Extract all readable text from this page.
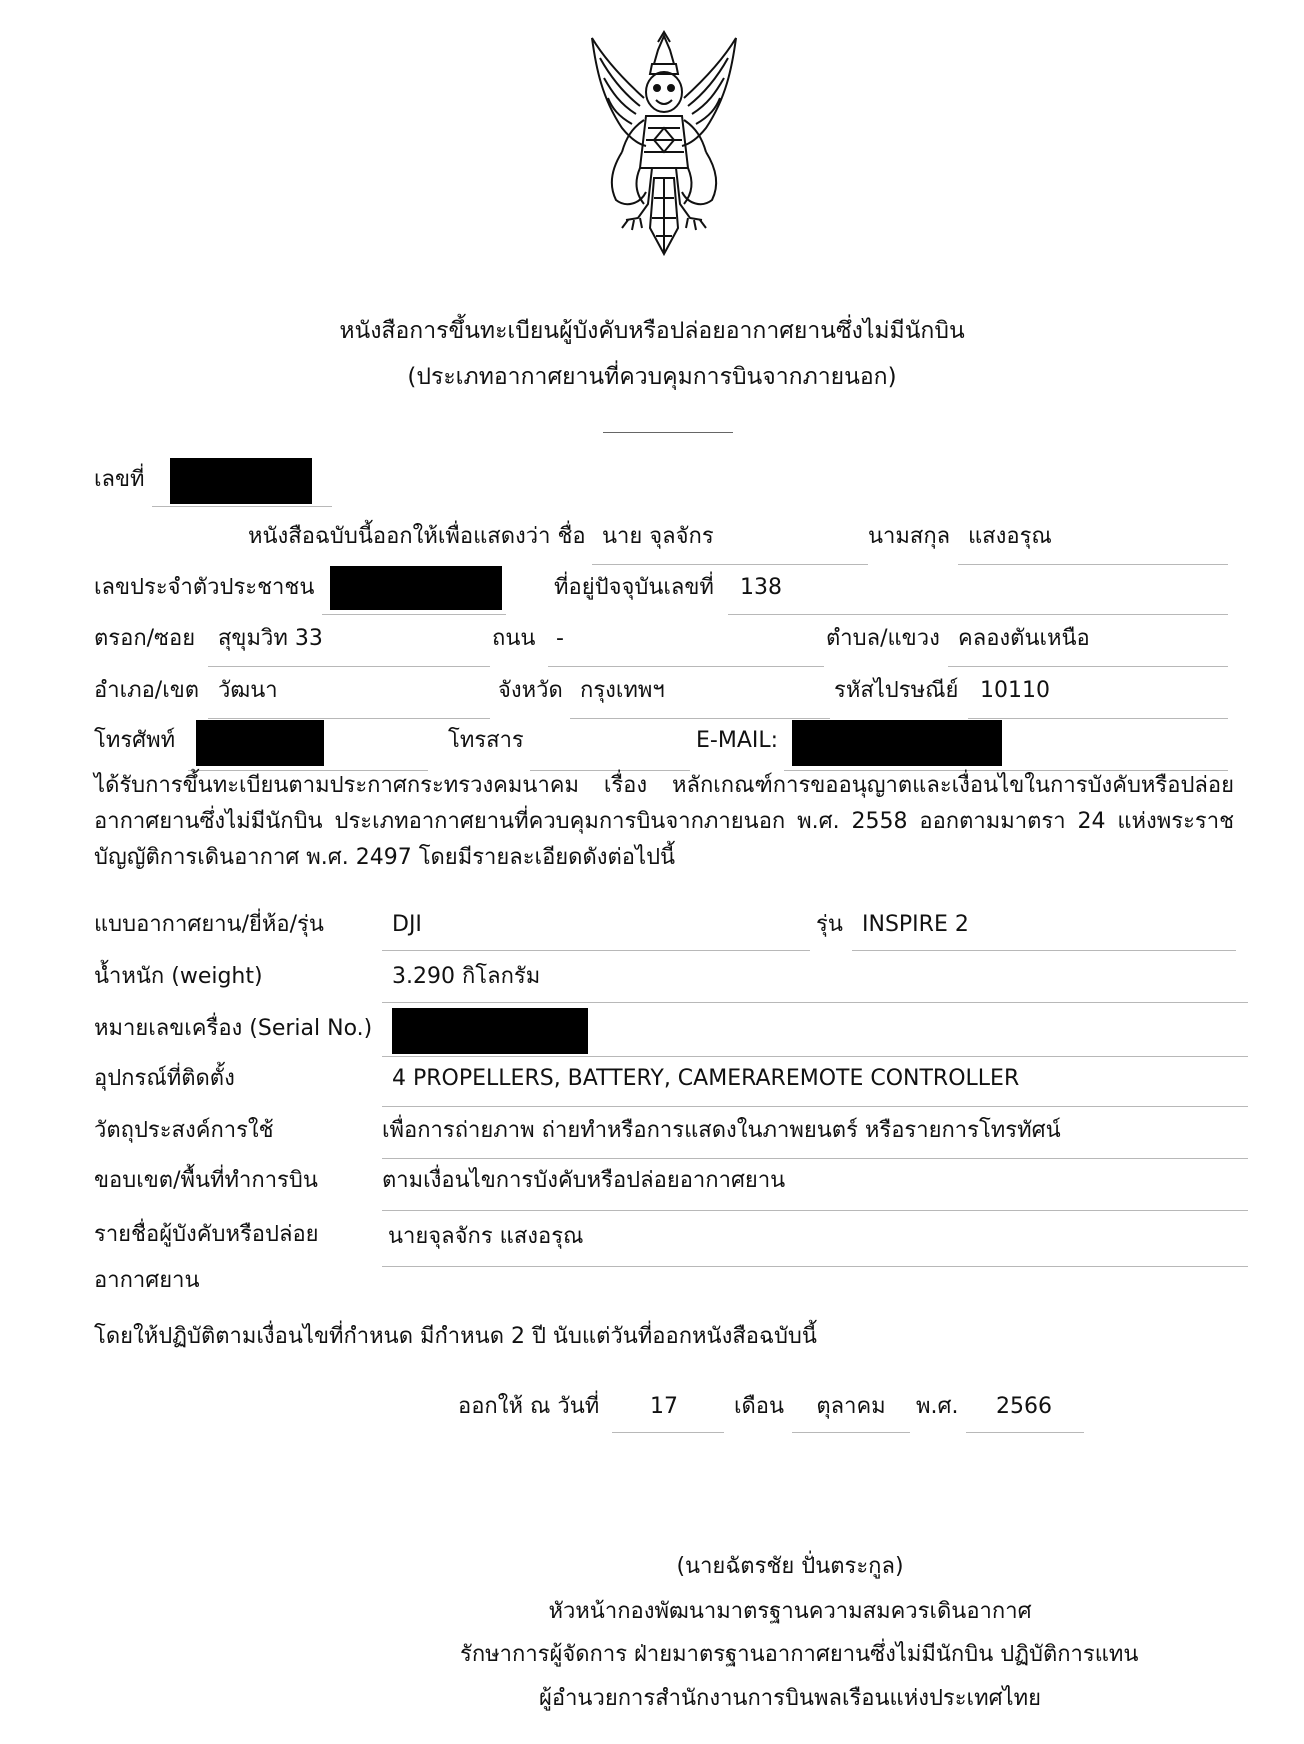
หนังสือการขึ้นทะเบียนผู้บังคับหรือปล่อยอากาศยานซึ่งไม่มีนักบิน
(ประเภทอากาศยานที่ควบคุมการบินจากภายนอก)
เลขที่
หนังสือฉบับนี้ออกให้เพื่อแสดงว่า ชื่อ นาย จุลจักร	นามสกุล แสงอรุณ
เลขประจำตัวประชาชน	ที่อยู่ปัจจุบันเลขที่ 138
ตรอก/ซอย สุขุมวิท 33	ถนน -	ตำบล/แขวง คลองตันเหนือ
อำเภอ/เขต วัฒนา	จังหวัด กรุงเทพฯ	รหัสไปรษณีย์ 10110
โทรศัพท์	โทรสาร	E-MAIL:
ได้รับการขึ้นทะเบียนตามประกาศกระทรวงคมนาคม เรื่อง หลักเกณฑ์การขออนุญาตและเงื่อนไขในการบังคับหรือปล่อยอากาศยานซึ่งไม่มีนักบิน ประเภทอากาศยานที่ควบคุมการบินจากภายนอก พ.ศ. 2558 ออกตามมาตรา 24 แห่งพระราชบัญญัติการเดินอากาศ พ.ศ. 2497 โดยมีรายละเอียดดังต่อไปนี้
แบบอากาศยาน/ยี่ห้อ/รุ่น	DJI	รุ่น INSPIRE 2
น้ำหนัก (weight)	3.290 กิโลกรัม
หมายเลขเครื่อง (Serial No.)
อุปกรณ์ที่ติดตั้ง	4 PROPELLERS, BATTERY, CAMERAREMOTE CONTROLLER
วัตถุประสงค์การใช้	เพื่อการถ่ายภาพ ถ่ายทำหรือการแสดงในภาพยนตร์ หรือรายการโทรทัศน์
ขอบเขต/พื้นที่ทำการบิน	ตามเงื่อนไขการบังคับหรือปล่อยอากาศยาน
รายชื่อผู้บังคับหรือปล่อย
อากาศยาน
นายจุลจักร แสงอรุณ
โดยให้ปฏิบัติตามเงื่อนไขที่กำหนด มีกำหนด 2 ปี นับแต่วันที่ออกหนังสือฉบับนี้
ออกให้ ณ วันที่	17	เดือน	ตุลาคม	พ.ศ.	2566
(นายฉัตรชัย ปั่นตระกูล)
หัวหน้ากองพัฒนามาตรฐานความสมควรเดินอากาศ
รักษาการผู้จัดการ ฝ่ายมาตรฐานอากาศยานซึ่งไม่มีนักบิน ปฏิบัติการแทน
ผู้อำนวยการสำนักงานการบินพลเรือนแห่งประเทศไทย
